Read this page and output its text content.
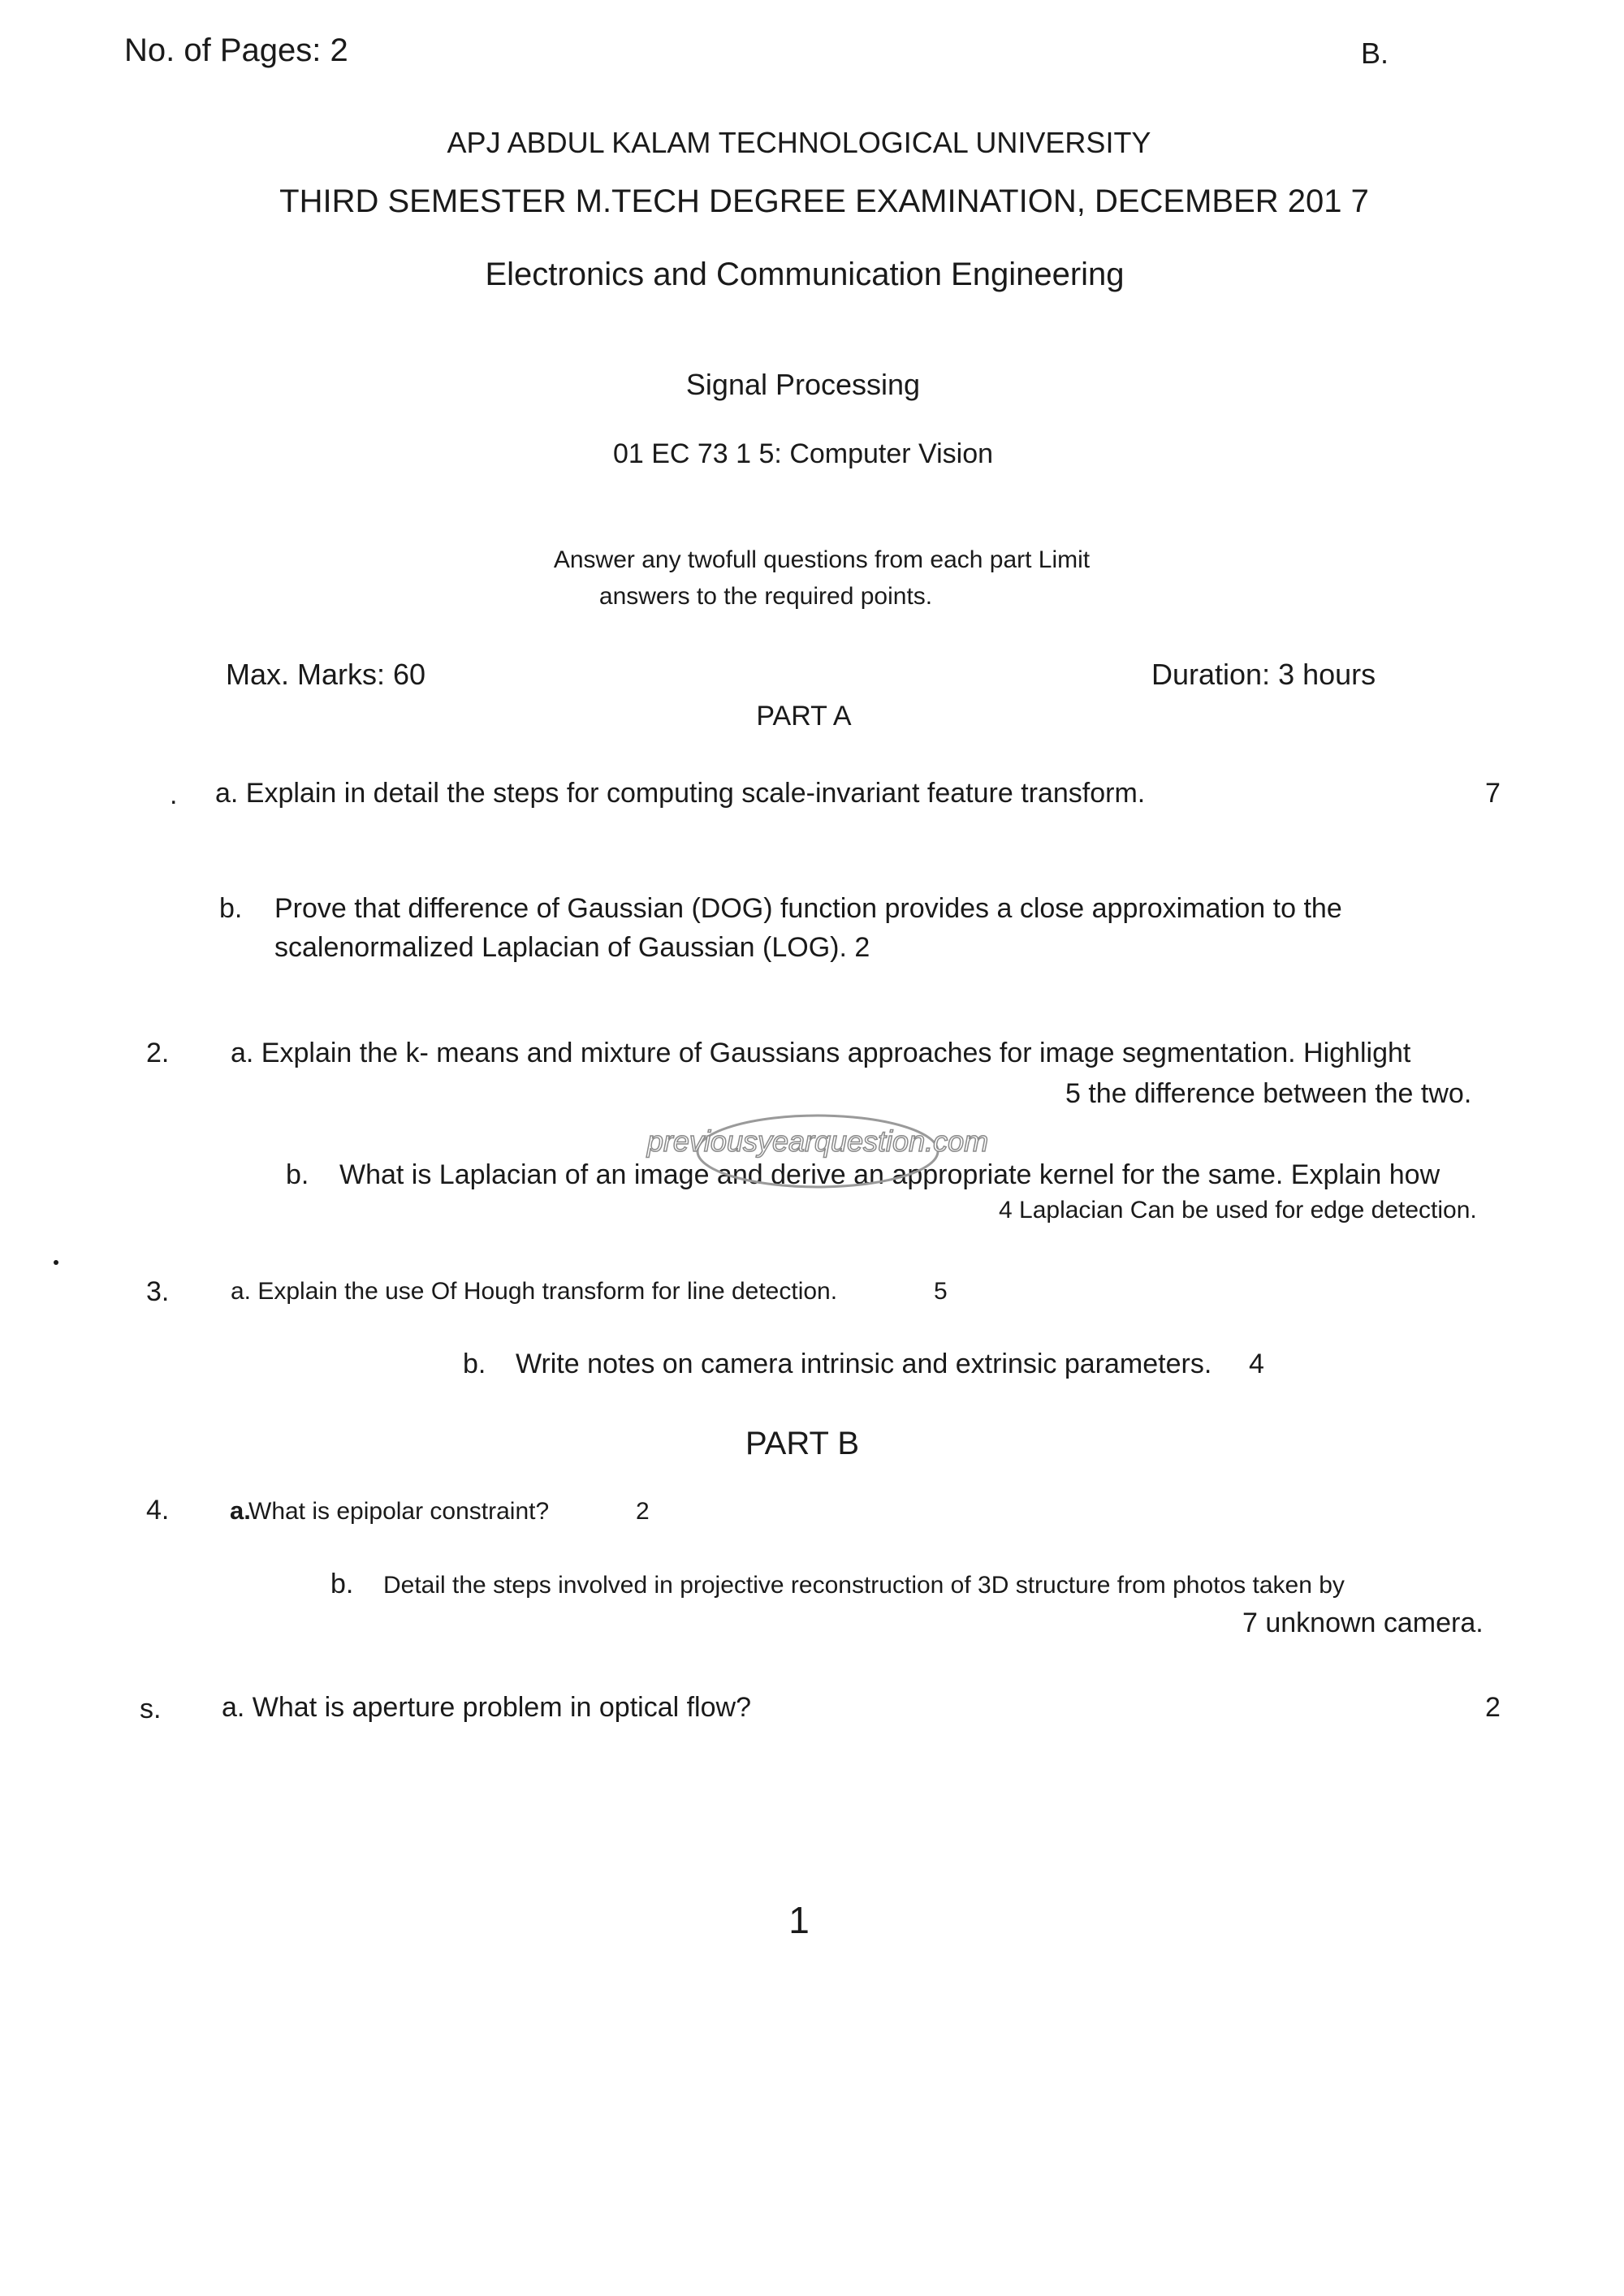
No. of Pages: 2	B.
APJ ABDUL KALAM TECHNOLOGICAL UNIVERSITY
THIRD SEMESTER M.TECH DEGREE EXAMINATION, DECEMBER 201 7
Electronics and Communication Engineering
Signal Processing
01 EC 73 1 5: Computer Vision
Answer any twofull questions from each part Limit
answers to the required points.
Max. Marks: 60	Duration: 3 hours
PART A
. a. Explain in detail the steps for computing scale-invariant feature transform.	7
b. Prove that difference of Gaussian (DOG) function provides a close approximation to the
scalenormalized Laplacian of Gaussian (LOG). 2
2. a. Explain the k- means and mixture of Gaussians approaches for image segmentation. Highlight
5 the difference between the two.
b. What is Laplacian of an image and derive an appropriate kernel for the same. Explain how
4 Laplacian Can be used for edge detection.
3.	a. Explain the use Of Hough transform for line detection.	5
b. Write notes on camera intrinsic and extrinsic parameters. 4
PART B
4. a.
What is epipolar constraint?	2
b. Detail the steps involved in projective reconstruction of 3D structure from photos taken by
7 unknown camera.
s. a. What is aperture problem in optical flow?	2
1
previousyearquestion.com
